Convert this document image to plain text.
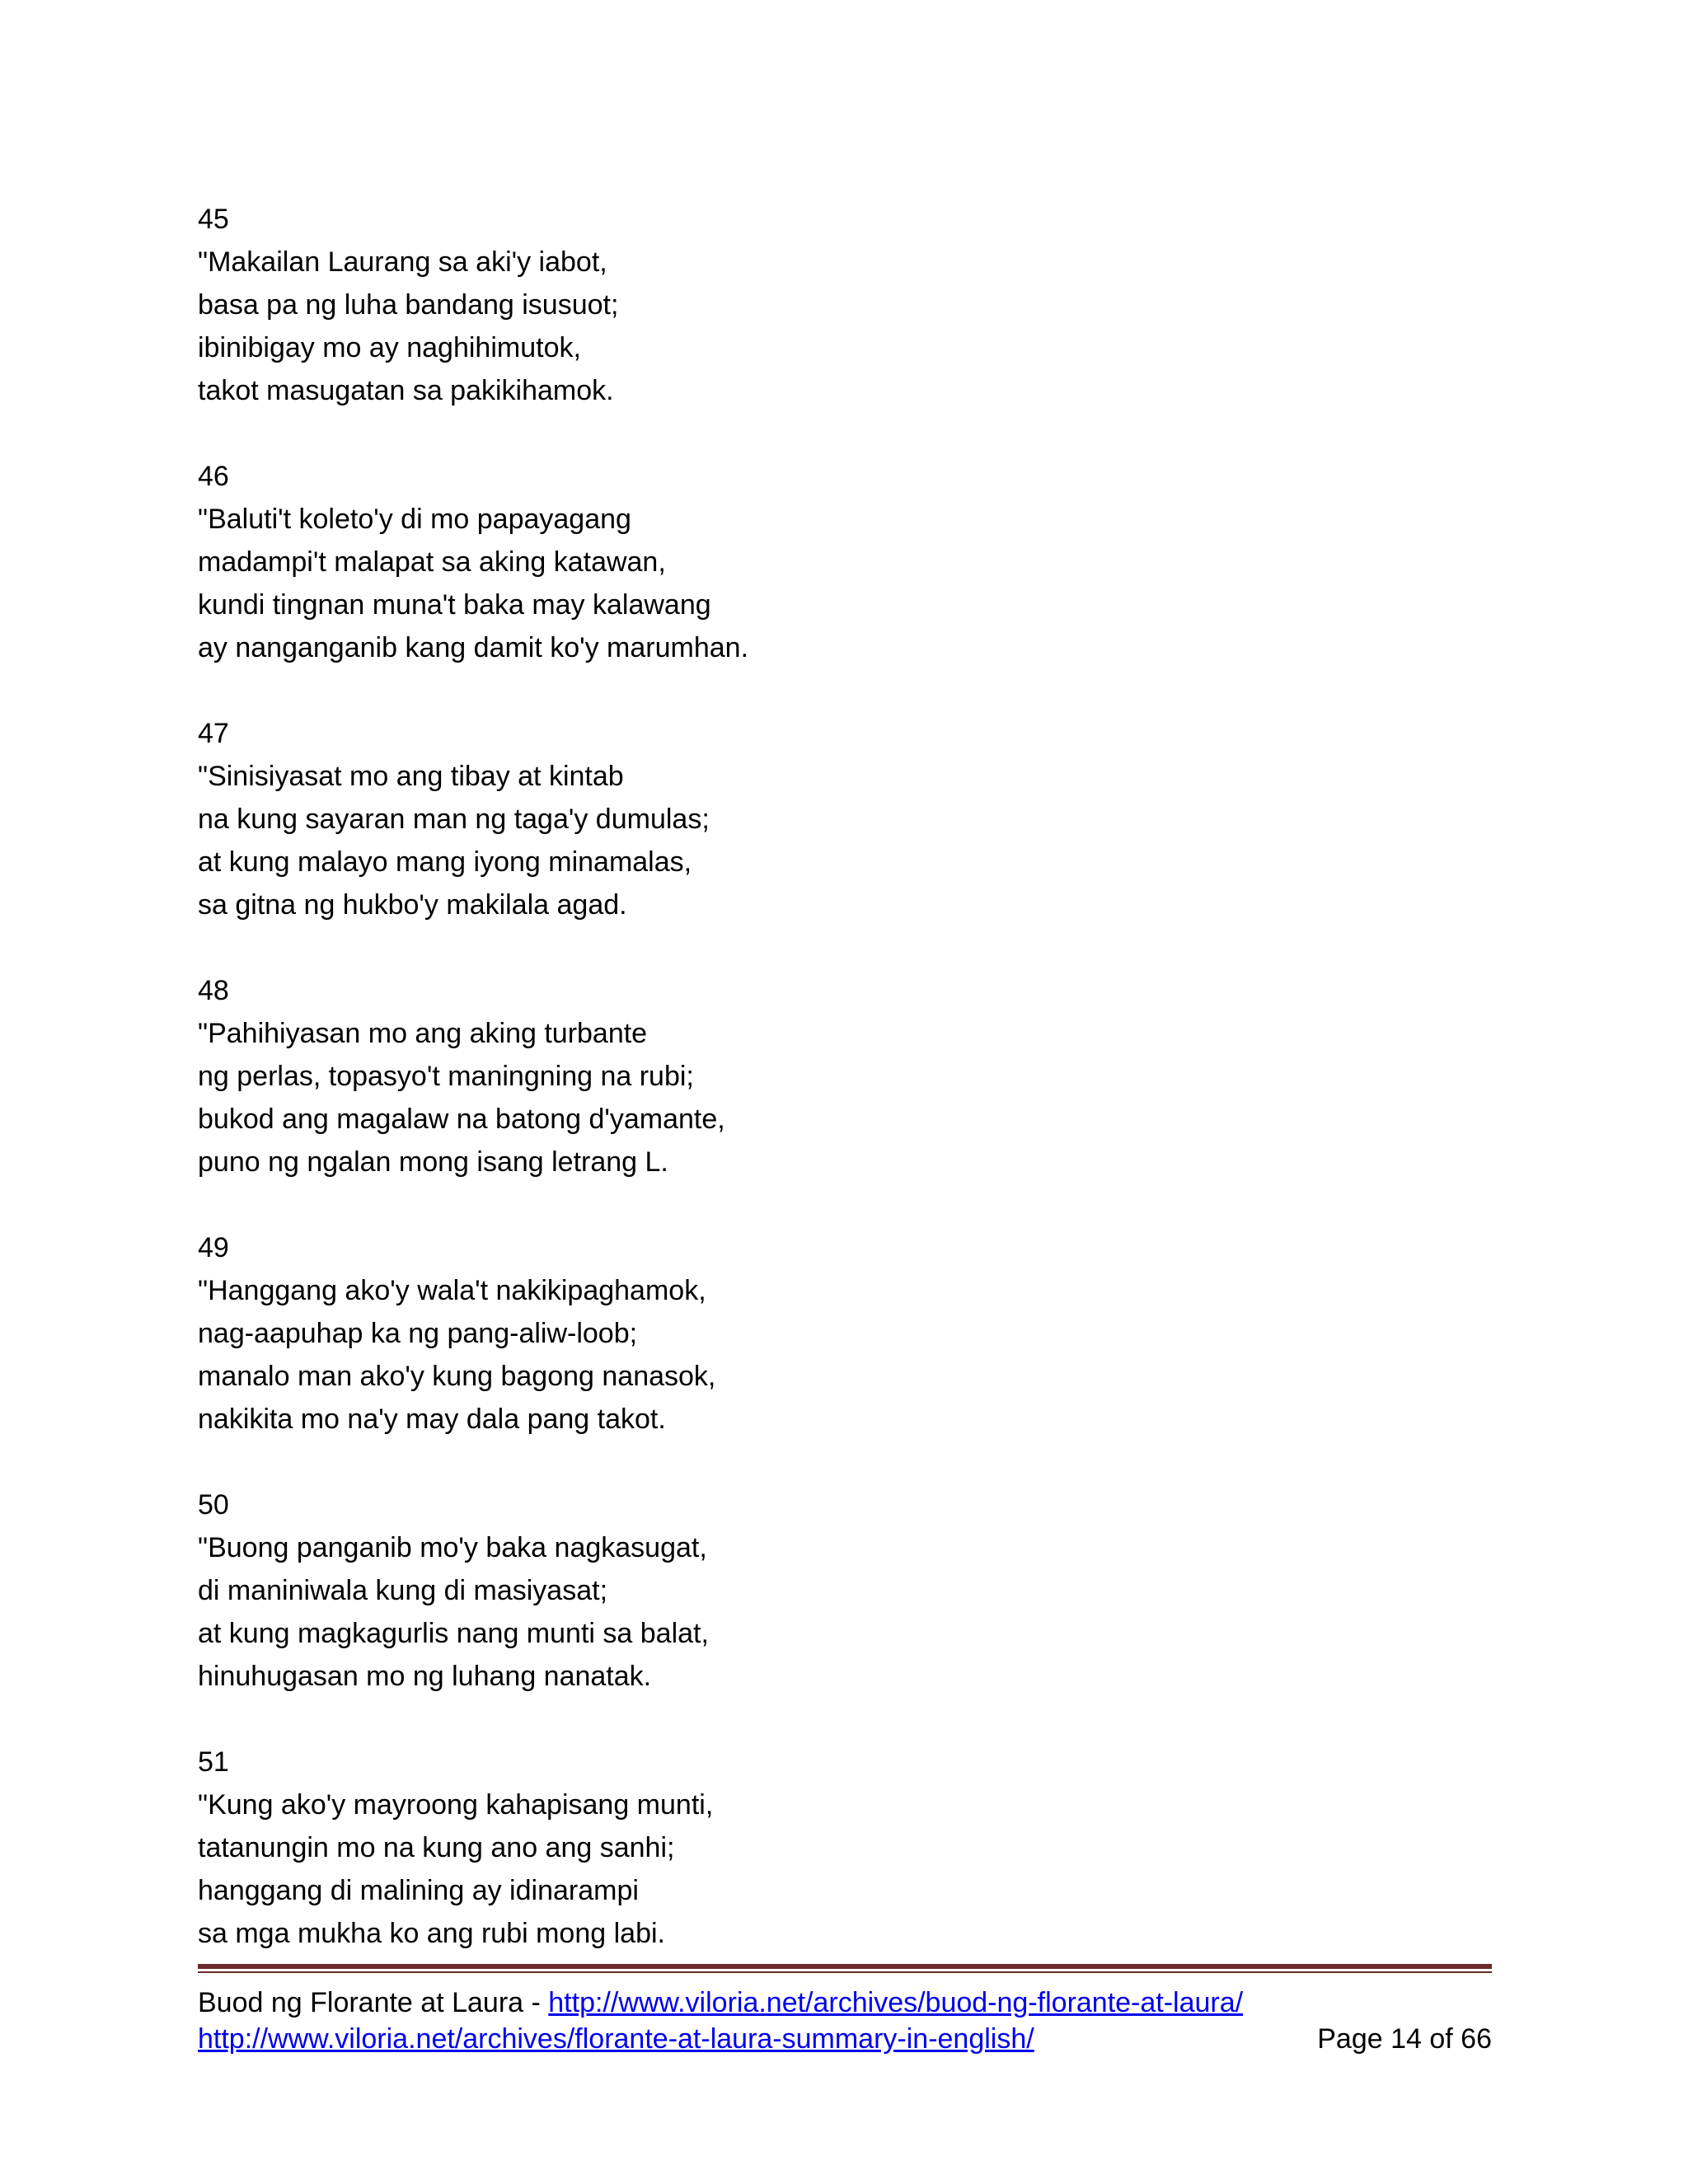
45
"Makailan Laurang sa aki'y iabot,
basa pa ng luha bandang isusuot;
ibinibigay mo ay naghihimutok,
takot masugatan sa pakikihamok.
46
"Baluti't koleto'y di mo papayagang
madampi't malapat sa aking katawan,
kundi tingnan muna't baka may kalawang
ay nanganganib kang damit ko'y marumhan.
47
"Sinisiyasat mo ang tibay at kintab
na kung sayaran man ng taga'y dumulas;
at kung malayo mang iyong minamalas,
sa gitna ng hukbo'y makilala agad.
48
"Pahihiyasan mo ang aking turbante
ng perlas, topasyo't maningning na rubi;
bukod ang magalaw na batong d'yamante,
puno ng ngalan mong isang letrang L.
49
"Hanggang ako'y wala't nakikipaghamok,
nag-aapuhap ka ng pang-aliw-loob;
manalo man ako'y kung bagong nanasok,
nakikita mo na'y may dala pang takot.
50
"Buong panganib mo'y baka nagkasugat,
di maniniwala kung di masiyasat;
at kung magkagurlis nang munti sa balat,
hinuhugasan mo ng luhang nanatak.
51
"Kung ako'y mayroong kahapisang munti,
tatanungin mo na kung ano ang sanhi;
hanggang di malining ay idinarampi
sa mga mukha ko ang rubi mong labi.
Buod ng Florante at Laura - http://www.viloria.net/archives/buod-ng-florante-at-laura/
http://www.viloria.net/archives/florante-at-laura-summary-in-english/	Page 14 of 66
